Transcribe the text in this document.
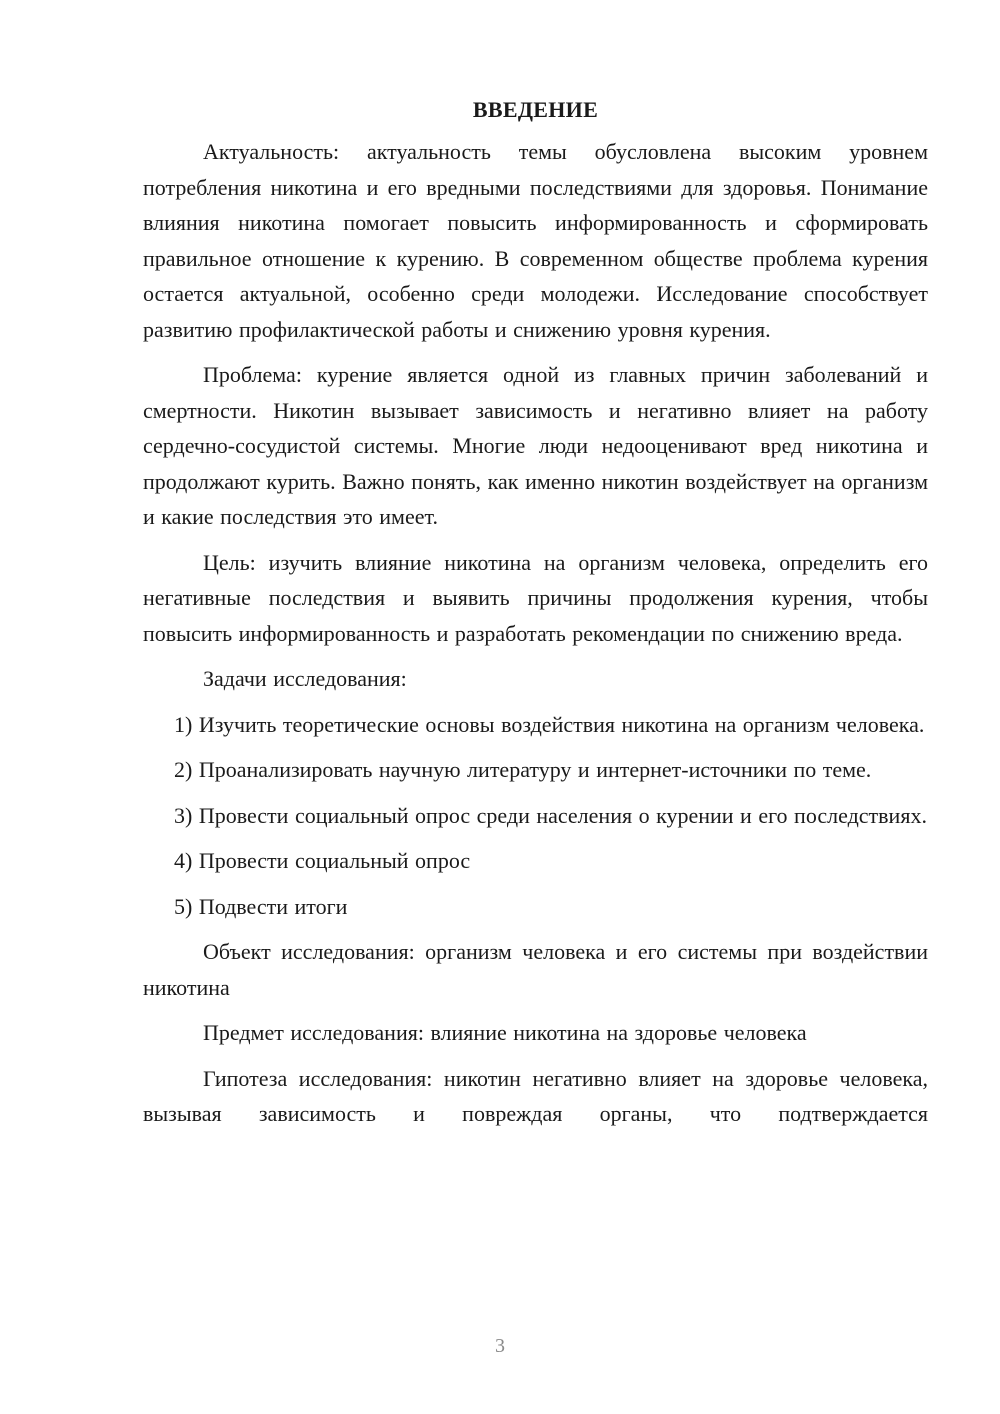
ВВЕДЕНИЕ

Актуальность: актуальность темы обусловлена высоким уровнем потребления никотина и его вредными последствиями для здоровья. Понимание влияния никотина помогает повысить информированность и сформировать правильное отношение к курению. В современном обществе проблема курения остается актуальной, особенно среди молодежи. Исследование способствует развитию профилактической работы и снижению уровня курения.

Проблема: курение является одной из главных причин заболеваний и смертности. Никотин вызывает зависимость и негативно влияет на работу сердечно-сосудистой системы. Многие люди недооценивают вред никотина и продолжают курить. Важно понять, как именно никотин воздействует на организм и какие последствия это имеет.

Цель: изучить влияние никотина на организм человека, определить его негативные последствия и выявить причины продолжения курения, чтобы повысить информированность и разработать рекомендации по снижению вреда.

Задачи исследования:

1) Изучить теоретические основы воздействия никотина на организм человека.

2) Проанализировать научную литературу и интернет-источники по теме.

3) Провести социальный опрос среди населения о курении и его последствиях.

4) Провести социальный опрос

5) Подвести итоги

Объект исследования: организм человека и его системы при воздействии никотина

Предмет исследования: влияние никотина на здоровье человека

Гипотеза исследования: никотин негативно влияет на здоровье человека, вызывая зависимость и повреждая органы, что подтверждается

3
